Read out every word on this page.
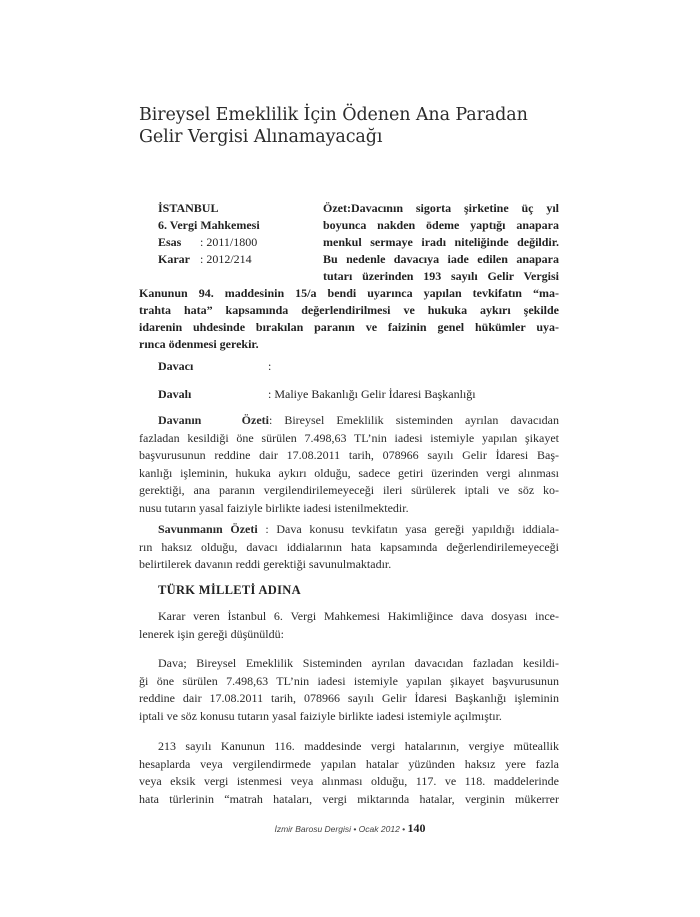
Bireysel Emeklilik İçin Ödenen Ana Paradan Gelir Vergisi Alınamayacağı
İSTANBUL
6. Vergi Mahkemesi
Esas : 2011/1800
Karar : 2012/214
Özet:Davacının sigorta şirketine üç yıl
boyunca nakden ödeme yaptığı anapara
menkul sermaye iradı niteliğinde değildir.
Bu nedenle davacıya iade edilen anapara
tutarı üzerinden 193 sayılı Gelir Vergisi
Kanunun 94. maddesinin 15/a bendi uyarınca yapılan tevkifatın “ma-
trahta hata” kapsamında değerlendirilmesi ve hukuka aykırı şekilde
idarenin uhdesinde bırakılan paranın ve faizinin genel hükümler uya-
rınca ödenmesi gerekir.
Davacı	:
Davalı	: Maliye Bakanlığı Gelir İdaresi Başkanlığı
Davanın Özeti: Bireysel Emeklilik sisteminden ayrılan davacıdan
fazladan kesildiği öne sürülen 7.498,63 TL’nin iadesi istemiyle yapılan şikayet
başvurusunun reddine dair 17.08.2011 tarih, 078966 sayılı Gelir İdaresi Baş-
kanlığı işleminin, hukuka aykırı olduğu, sadece getiri üzerinden vergi alınması
gerektiği, ana paranın vergilendirilemeyeceği ileri sürülerek iptali ve söz ko-
nusu tutarın yasal faiziyle birlikte iadesi istenilmektedir.
Savunmanın Özeti : Dava konusu tevkifatın yasa gereği yapıldığı iddiala-
rın haksız olduğu, davacı iddialarının hata kapsamında değerlendirilemeyeceği
belirtilerek davanın reddi gerektiği savunulmaktadır.
TÜRK MİLLETİ ADINA
Karar veren İstanbul 6. Vergi Mahkemesi Hakimliğince dava dosyası ince-
lenerek işin gereği düşünüldü:
Dava; Bireysel Emeklilik Sisteminden ayrılan davacıdan fazladan kesildi-
ği öne sürülen 7.498,63 TL’nin iadesi istemiyle yapılan şikayet başvurusunun
reddine dair 17.08.2011 tarih, 078966 sayılı Gelir İdaresi Başkanlığı işleminin
iptali ve söz konusu tutarın yasal faiziyle birlikte iadesi istemiyle açılmıştır.
213 sayılı Kanunun 116. maddesinde vergi hatalarının, vergiye müteallik
hesaplarda veya vergilendirmede yapılan hatalar yüzünden haksız yere fazla
veya eksik vergi istenmesi veya alınması olduğu, 117. ve 118. maddelerinde
hata türlerinin “matrah hataları, vergi miktarında hatalar, verginin mükerrer
İzmir Barosu Dergisi • Ocak 2012 • 140
